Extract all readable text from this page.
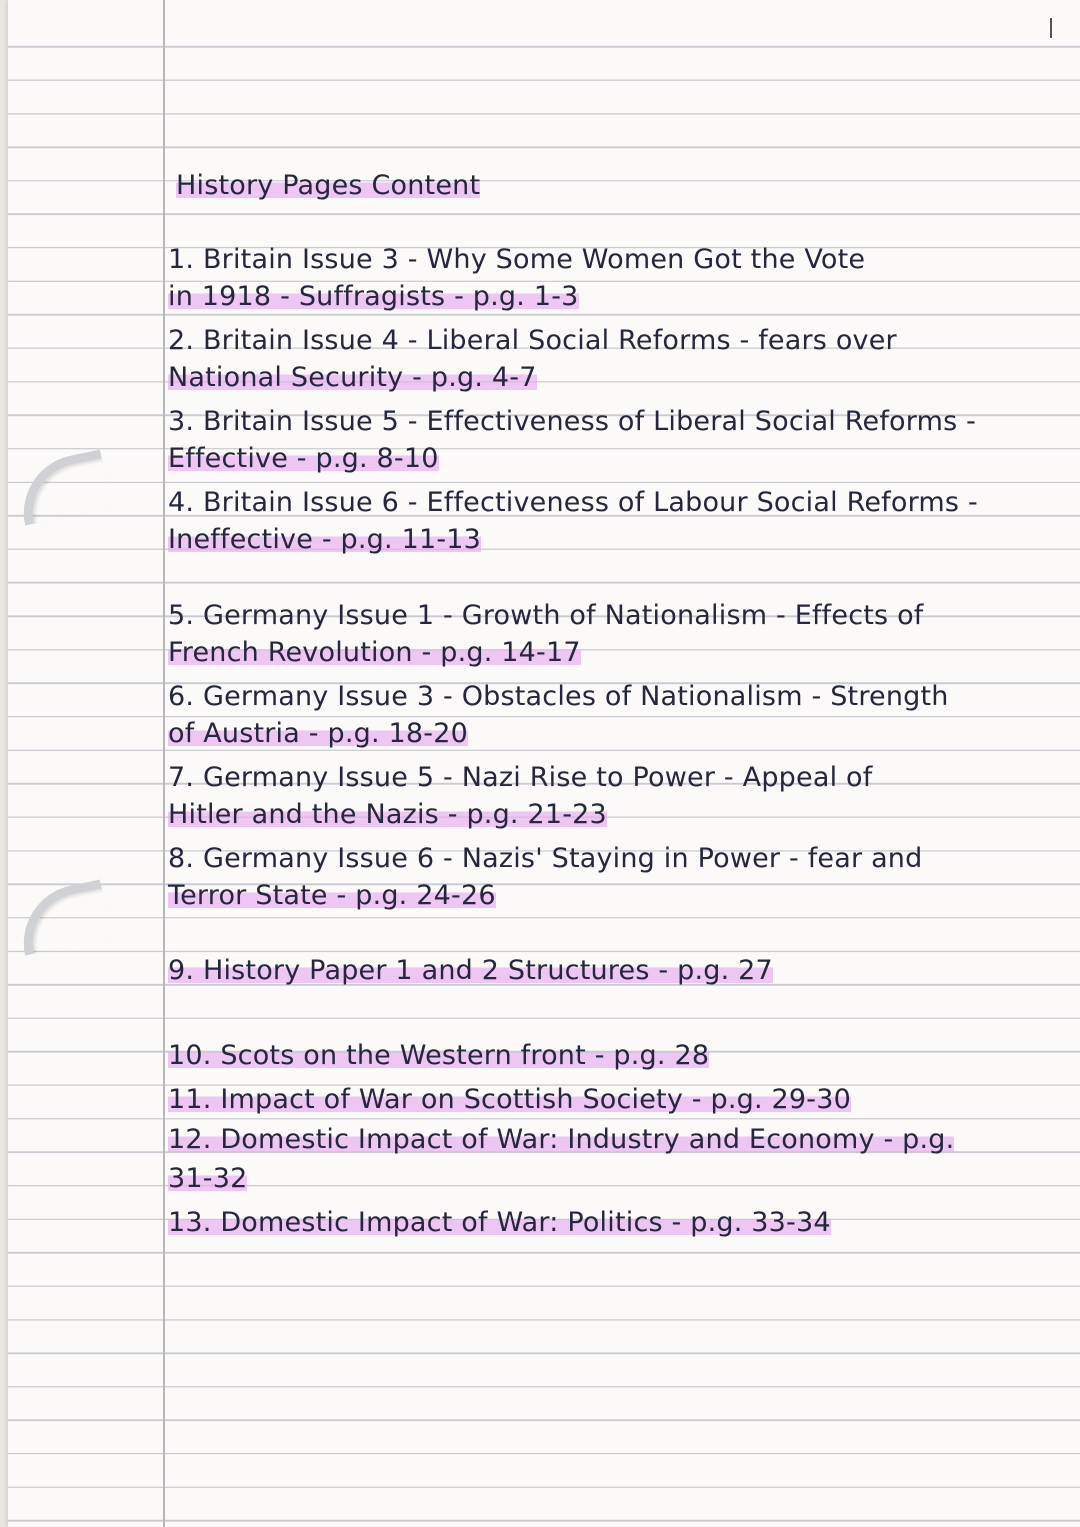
History Pages Content
1. Britain Issue 3 - Why Some Women Got the Vote
in 1918 - Suffragists - p.g. 1-3
2. Britain Issue 4 - Liberal Social Reforms - fears over
National Security - p.g. 4-7
3. Britain Issue 5 - Effectiveness of Liberal Social Reforms -
Effective - p.g. 8-10
4. Britain Issue 6 - Effectiveness of Labour Social Reforms -
Ineffective - p.g. 11-13
5. Germany Issue 1 - Growth of Nationalism - Effects of
French Revolution - p.g. 14-17
6. Germany Issue 3 - Obstacles of Nationalism - Strength
of Austria - p.g. 18-20
7. Germany Issue 5 - Nazi Rise to Power - Appeal of
Hitler and the Nazis - p.g. 21-23
8. Germany Issue 6 - Nazis' Staying in Power - fear and
Terror State - p.g. 24-26
9. History Paper 1 and 2 Structures - p.g. 27
10. Scots on the Western front - p.g. 28
11. Impact of War on Scottish Society - p.g. 29-30
12. Domestic Impact of War: Industry and Economy - p.g.
31-32
13. Domestic Impact of War: Politics - p.g. 33-34
